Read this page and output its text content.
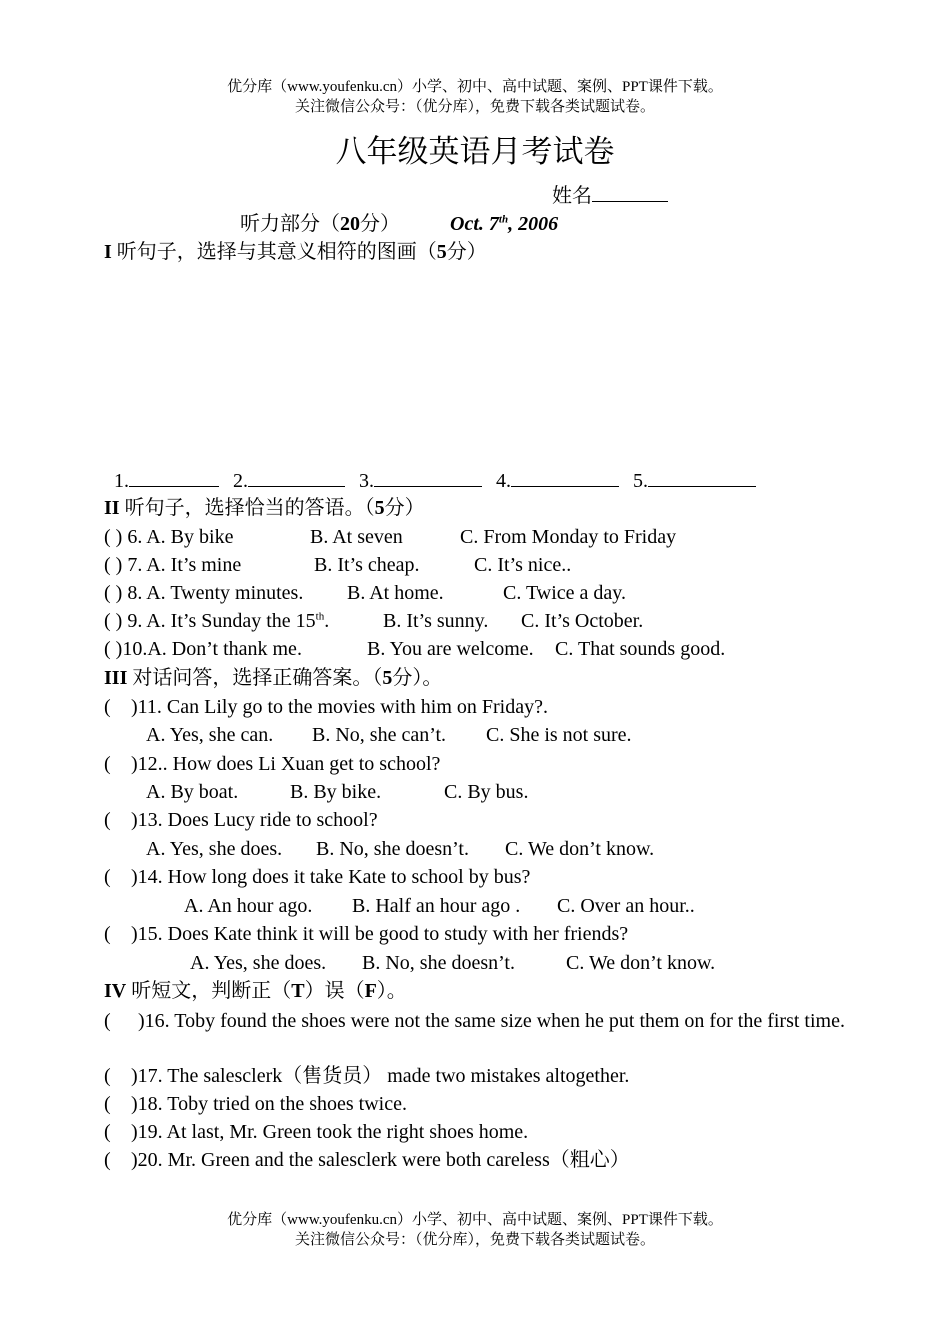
优分库（www.youfenku.cn）小学、初中、高中试题、案例、PPT课件下载。
关注微信公众号：（优分库），免费下载各类试题试卷。
八年级英语月考试卷
姓名
听力部分（20分）	Oct. 7th, 2006
I 听句子，选择与其意义相符的图画（5分）
1.	2.	3.	4.	5.
II 听句子，选择恰当的答语。（5分）
( ) 6. A. By bike	B. At seven	C. From Monday to Friday
( ) 7. A. It’s mine	B. It’s cheap.	C. It’s nice..
( ) 8. A. Twenty minutes. B. At home.	C. Twice a day.
( ) 9. A. It’s Sunday the 15th.	B. It’s sunny. C. It’s October.
( )10.A. Don’t thank me.	B. You are welcome. C. That sounds good.
III 对话问答，选择正确答案。（5分）。
( )11. Can Lily go to the movies with him on Friday?.
A. Yes, she can. B. No, she can’t. C. She is not sure.
( )12.. How does Li Xuan get to school?
A. By boat.	B. By bike.	C. By bus.
( )13. Does Lucy ride to school?
A. Yes, she does. B. No, she doesn’t. C. We don’t know.
( )14. How long does it take Kate to school by bus?
A. An hour ago. B. Half an hour ago . C. Over an hour..
( )15. Does Kate think it will be good to study with her friends?
A. Yes, she does. B. No, she doesn’t.	C. We don’t know.
IV 听短文，判断正（T）误（F）。
( )16. Toby found the shoes were not the same size when he put them on for the first time.
( )17. The salesclerk（售货员） made two mistakes altogether.
( )18. Toby tried on the shoes twice.
( )19. At last, Mr. Green took the right shoes home.
( )20. Mr. Green and the salesclerk were both careless（粗心）
优分库（www.youfenku.cn）小学、初中、高中试题、案例、PPT课件下载。
关注微信公众号：（优分库），免费下载各类试题试卷。
